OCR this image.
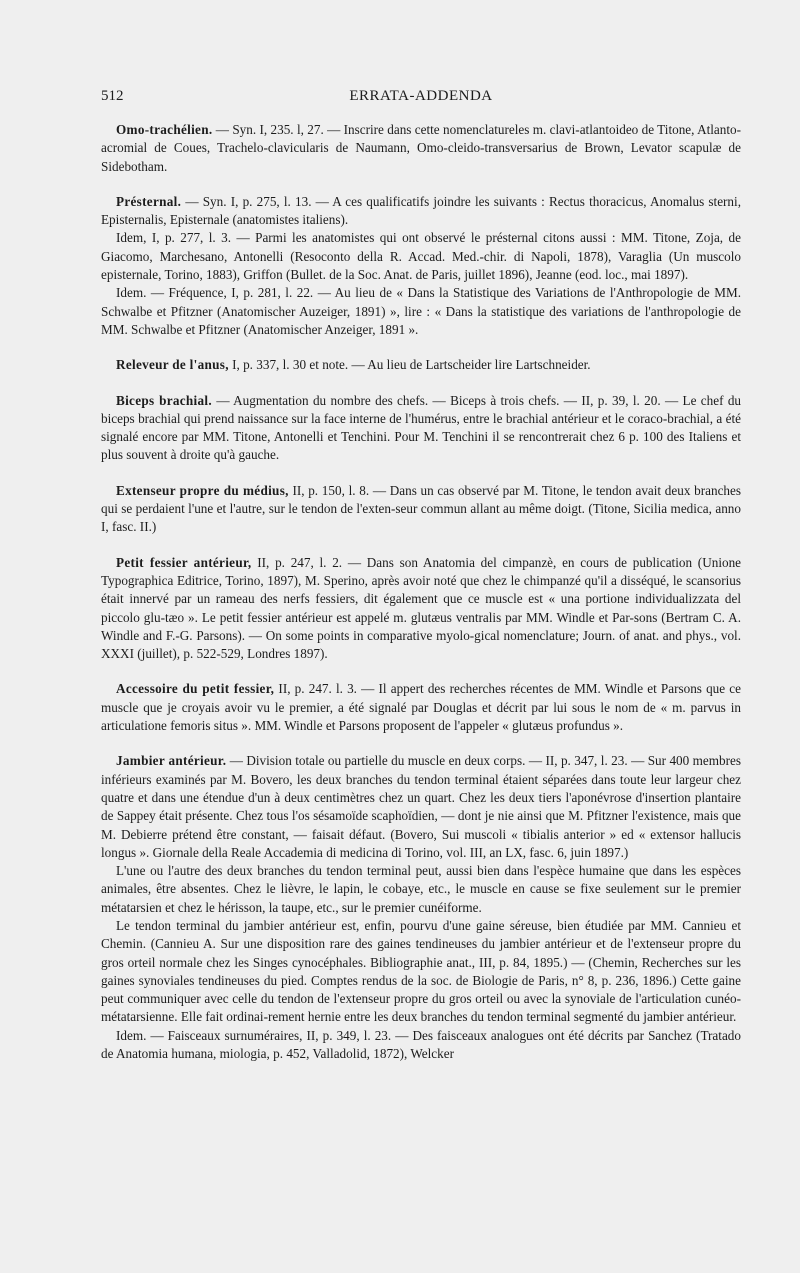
512	ERRATA-ADDENDA

Omo-trachélien. — Syn. I, 235. l, 27. — Inscrire dans cette nomenclatureles m. clavi-atlantoideo de Titone, Atlanto-acromial de Coues, Trachelo-clavicularis de Naumann, Omo-cleido-transversarius de Brown, Levator scapulæ de Sidebotham.

Présternal. — Syn. I, p. 275, l. 13. — A ces qualificatifs joindre les suivants : Rectus thoracicus, Anomalus sterni, Episternalis, Episternale (anatomistes italiens).

Idem, I, p. 277, l. 3. — Parmi les anatomistes qui ont observé le présternal citons aussi : MM. Titone, Zoja, de Giacomo, Marchesano, Antonelli (Resoconto della R. Accad. Med.-chir. di Napoli, 1878), Varaglia (Un muscolo episternale, Torino, 1883), Griffon (Bullet. de la Soc. Anat. de Paris, juillet 1896), Jeanne (eod. loc., mai 1897).

Idem. — Fréquence, I, p. 281, l. 22. — Au lieu de « Dans la Statistique des Variations de l'Anthropologie de MM. Schwalbe et Pfitzner (Anatomischer Auzeiger, 1891) », lire : « Dans la statistique des variations de l'anthropologie de MM. Schwalbe et Pfitzner (Anatomischer Anzeiger, 1891 ».

Releveur de l'anus, I, p. 337, l. 30 et note. — Au lieu de Lartscheider lire Lartschneider.

Biceps brachial. — Augmentation du nombre des chefs. — Biceps à trois chefs. — II, p. 39, l. 20. — Le chef du biceps brachial qui prend naissance sur la face interne de l'humérus, entre le brachial antérieur et le coraco-brachial, a été signalé encore par MM. Titone, Antonelli et Tenchini. Pour M. Tenchini il se rencontrerait chez 6 p. 100 des Italiens et plus souvent à droite qu'à gauche.

Extenseur propre du médius, II, p. 150, l. 8. — Dans un cas observé par M. Titone, le tendon avait deux branches qui se perdaient l'une et l'autre, sur le tendon de l'exten-seur commun allant au même doigt. (Titone, Sicilia medica, anno I, fasc. II.)

Petit fessier antérieur, II, p. 247, l. 2. — Dans son Anatomia del cimpanzè, en cours de publication (Unione Typographica Editrice, Torino, 1897), M. Sperino, après avoir noté que chez le chimpanzé qu'il a disséqué, le scansorius était innervé par un rameau des nerfs fessiers, dit également que ce muscle est « una portione individualizzata del piccolo glu-tæo ». Le petit fessier antérieur est appelé m. glutæus ventralis par MM. Windle et Par-sons (Bertram C. A. Windle and F.-G. Parsons). — On some points in comparative myolo-gical nomenclature; Journ. of anat. and phys., vol. XXXI (juillet), p. 522-529, Londres 1897).

Accessoire du petit fessier, II, p. 247. l. 3. — Il appert des recherches récentes de MM. Windle et Parsons que ce muscle que je croyais avoir vu le premier, a été signalé par Douglas et décrit par lui sous le nom de « m. parvus in articulatione femoris situs ». MM. Windle et Parsons proposent de l'appeler « glutæus profundus ».

Jambier antérieur. — Division totale ou partielle du muscle en deux corps. — II, p. 347, l. 23. — Sur 400 membres inférieurs examinés par M. Bovero, les deux branches du tendon terminal étaient séparées dans toute leur largeur chez quatre et dans une étendue d'un à deux centimètres chez un quart. Chez les deux tiers l'aponévrose d'insertion plantaire de Sappey était présente. Chez tous l'os sésamoïde scaphoïdien, — dont je nie ainsi que M. Pfitzner l'existence, mais que M. Debierre prétend être constant, — faisait défaut. (Bovero, Sui muscoli « tibialis anterior » ed « extensor hallucis longus ». Giornale della Reale Accademia di medicina di Torino, vol. III, an LX, fasc. 6, juin 1897.)

L'une ou l'autre des deux branches du tendon terminal peut, aussi bien dans l'espèce humaine que dans les espèces animales, être absentes. Chez le lièvre, le lapin, le cobaye, etc., le muscle en cause se fixe seulement sur le premier métatarsien et chez le hérisson, la taupe, etc., sur le premier cunéiforme.

Le tendon terminal du jambier antérieur est, enfin, pourvu d'une gaine séreuse, bien étudiée par MM. Cannieu et Chemin. (Cannieu A. Sur une disposition rare des gaines tendineuses du jambier antérieur et de l'extenseur propre du gros orteil normale chez les Singes cynocéphales. Bibliographie anat., III, p. 84, 1895.) — (Chemin, Recherches sur les gaines synoviales tendineuses du pied. Comptes rendus de la soc. de Biologie de Paris, n° 8, p. 236, 1896.) Cette gaine peut communiquer avec celle du tendon de l'extenseur propre du gros orteil ou avec la synoviale de l'articulation cunéo-métatarsienne. Elle fait ordinai-rement hernie entre les deux branches du tendon terminal segmenté du jambier antérieur.

Idem. — Faisceaux surnuméraires, II, p. 349, l. 23. — Des faisceaux analogues ont été décrits par Sanchez (Tratado de Anatomia humana, miologia, p. 452, Valladolid, 1872), Welcker
